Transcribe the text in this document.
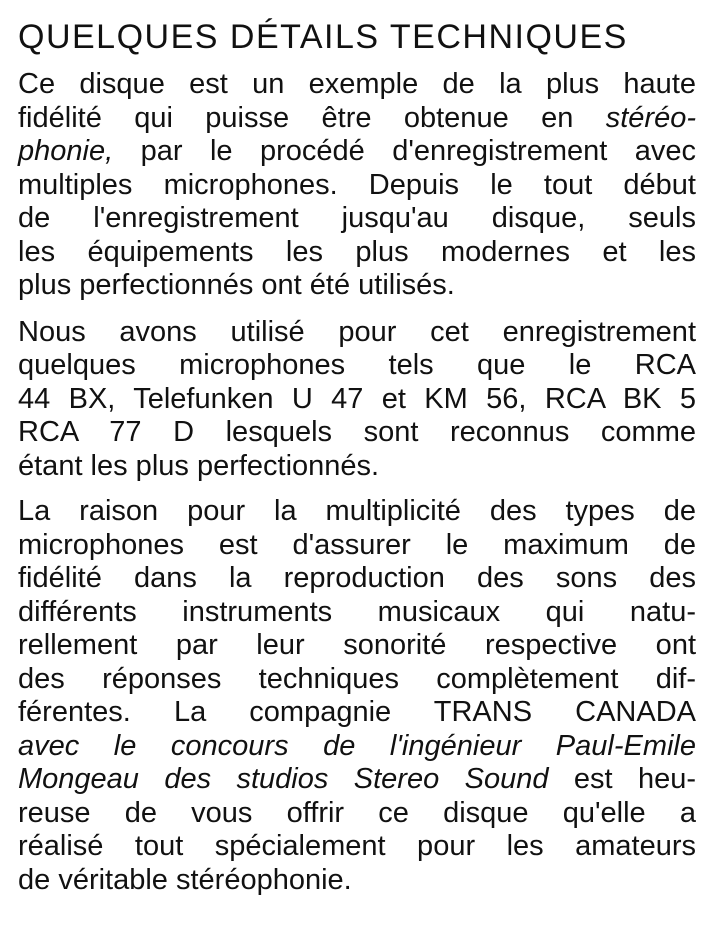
QUELQUES DÉTAILS TECHNIQUES
Ce disque est un exemple de la plus haute
fidélité qui puisse être obtenue en stéréo-
phonie, par le procédé d'enregistrement avec
multiples microphones. Depuis le tout début
de l'enregistrement jusqu'au disque, seuls
les équipements les plus modernes et les
plus perfectionnés ont été utilisés.
Nous avons utilisé pour cet enregistrement
quelques microphones tels que le RCA
44 BX, Telefunken U 47 et KM 56, RCA BK 5
RCA 77 D lesquels sont reconnus comme
étant les plus perfectionnés.
La raison pour la multiplicité des types de
microphones est d'assurer le maximum de
fidélité dans la reproduction des sons des
différents instruments musicaux qui natu-
rellement par leur sonorité respective ont
des réponses techniques complètement dif-
férentes. La compagnie TRANS CANADA
avec le concours de l'ingénieur Paul-Emile
Mongeau des studios Stereo Sound est heu-
reuse de vous offrir ce disque qu'elle a
réalisé tout spécialement pour les amateurs
de véritable stéréophonie.
